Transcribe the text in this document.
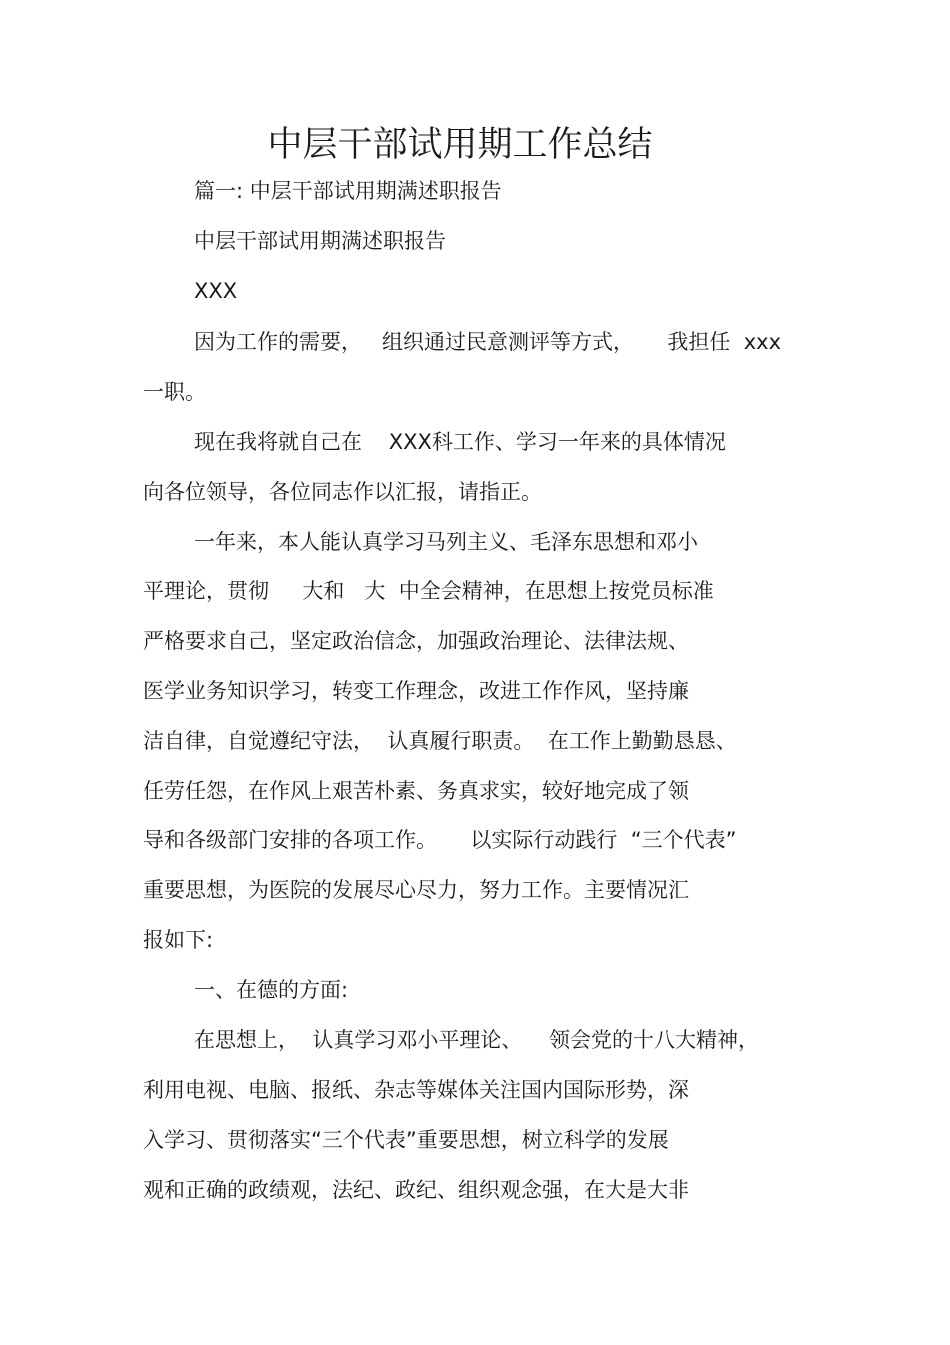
中层干部试用期工作总结
篇一: 中层干部试用期满述职报告
中层干部试用期满述职报告
XXX
因为工作的需要，   组织通过民意测评等方式，     我担任  xxx
一职。
现在我将就自己在    XXX科工作、学习一年来的具体情况
向各位领导，各位同志作以汇报，请指正。
一年来，本人能认真学习马列主义、毛泽东思想和邓小
平理论，贯彻     大和   大  中全会精神，在思想上按党员标准
严格要求自己，坚定政治信念，加强政治理论、法律法规、
医学业务知识学习，转变工作理念，改进工作作风，坚持廉
洁自律，自觉遵纪守法，  认真履行职责。  在工作上勤勤恳恳、
任劳任怨，在作风上艰苦朴素、务真求实，较好地完成了领
导和各级部门安排的各项工作。     以实际行动践行  “三个代表”
重要思想，为医院的发展尽心尽力，努力工作。主要情况汇
报如下:
一、在德的方面:
在思想上，  认真学习邓小平理论、    领会党的十八大精神，
利用电视、电脑、报纸、杂志等媒体关注国内国际形势，深
入学习、贯彻落实“三个代表”重要思想，树立科学的发展
观和正确的政绩观，法纪、政纪、组织观念强，在大是大非
